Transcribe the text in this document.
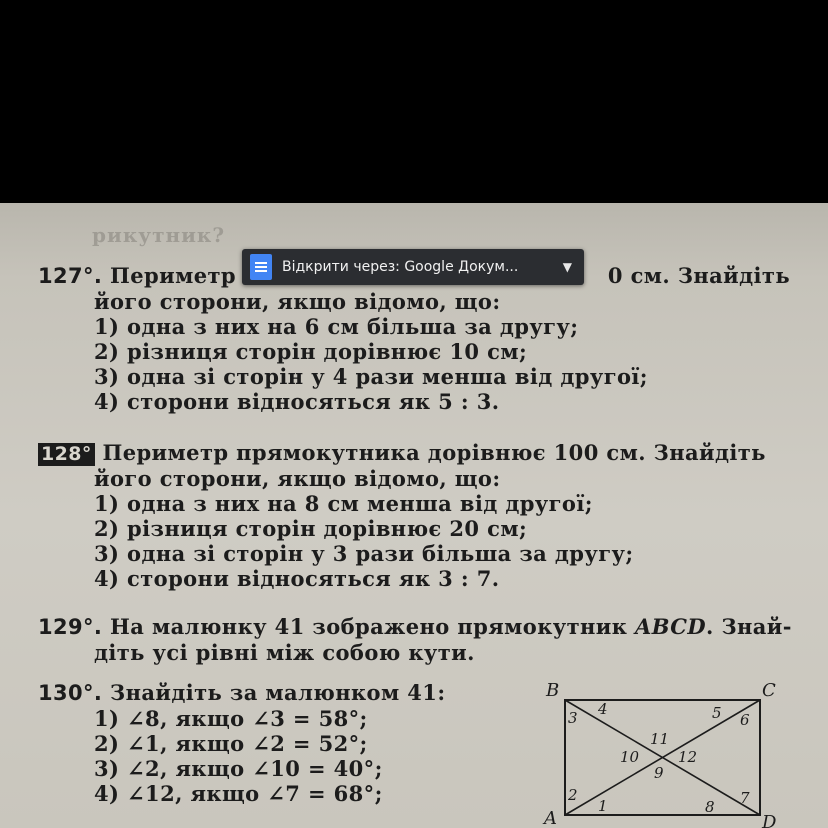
рикутник?
127°. Периметр	0 см. Знайдіть
його сторони, якщо відомо, що:
1) одна з них на 6 см більша за другу;
2) різниця сторін дорівнює 10 см;
3) одна зі сторін у 4 рази менша від другої;
4) сторони відносяться як 5 : 3.
Відкрити через: Google Докум...	▼
128° Периметр прямокутника дорівнює 100 см. Знайдіть
його сторони, якщо відомо, що:
1) одна з них на 8 см менша від другої;
2) різниця сторін дорівнює 20 см;
3) одна зі сторін у 3 рази більша за другу;
4) сторони відносяться як 3 : 7.
129°. На малюнку 41 зображено прямокутник ABCD. Знай-
діть усі рівні між собою кути.
130°. Знайдіть за малюнком 41:
1) ∠8, якщо ∠3 = 58°;
2) ∠1, якщо ∠2 = 52°;
3) ∠2, якщо ∠10 = 40°;
4) ∠12, якщо ∠7 = 68°;
B	C
A	D
3 4	5 6
2
1	8 7
11
10	12
9
